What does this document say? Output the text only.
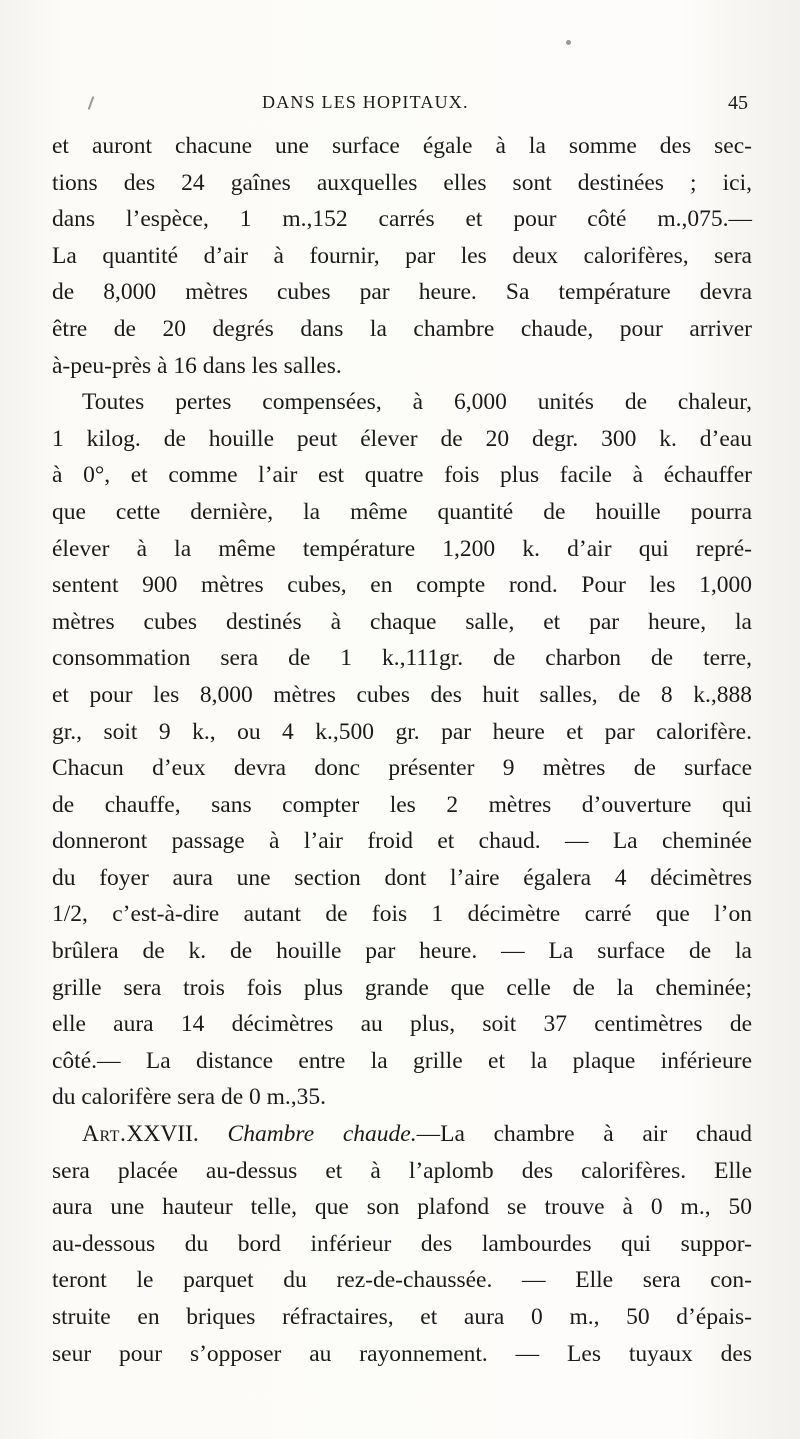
DANS LES HOPITAUX.	45
et auront chacune une surface égale à la somme des sec-
tions des 24 gaînes auxquelles elles sont destinées ; ici,
dans l’espèce, 1 m.,152 carrés et pour côté m.,075.—
La quantité d’air à fournir, par les deux calorifères, sera
de 8,000 mètres cubes par heure. Sa température devra
être de 20 degrés dans la chambre chaude, pour arriver
à-peu-près à 16 dans les salles.
Toutes pertes compensées, à 6,000 unités de chaleur,
1 kilog. de houille peut élever de 20 degr. 300 k. d’eau
à 0°, et comme l’air est quatre fois plus facile à échauffer
que cette dernière, la même quantité de houille pourra
élever à la même température 1,200 k. d’air qui repré-
sentent 900 mètres cubes, en compte rond. Pour les 1,000
mètres cubes destinés à chaque salle, et par heure, la
consommation sera de 1 k.,111gr. de charbon de terre,
et pour les 8,000 mètres cubes des huit salles, de 8 k.,888
gr., soit 9 k., ou 4 k.,500 gr. par heure et par calorifère.
Chacun d’eux devra donc présenter 9 mètres de surface
de chauffe, sans compter les 2 mètres d’ouverture qui
donneront passage à l’air froid et chaud. — La cheminée
du foyer aura une section dont l’aire égalera 4 décimètres
1/2, c’est-à-dire autant de fois 1 décimètre carré que l’on
brûlera de k. de houille par heure. — La surface de la
grille sera trois fois plus grande que celle de la cheminée;
elle aura 14 décimètres au plus, soit 37 centimètres de
côté.— La distance entre la grille et la plaque inférieure
du calorifère sera de 0 m.,35.
Art.XXVII. Chambre chaude.—La chambre à air chaud
sera placée au-dessus et à l’aplomb des calorifères. Elle
aura une hauteur telle, que son plafond se trouve à 0 m., 50
au-dessous du bord inférieur des lambourdes qui suppor-
teront le parquet du rez-de-chaussée. — Elle sera con-
struite en briques réfractaires, et aura 0 m., 50 d’épais-
seur pour s’opposer au rayonnement. — Les tuyaux des
